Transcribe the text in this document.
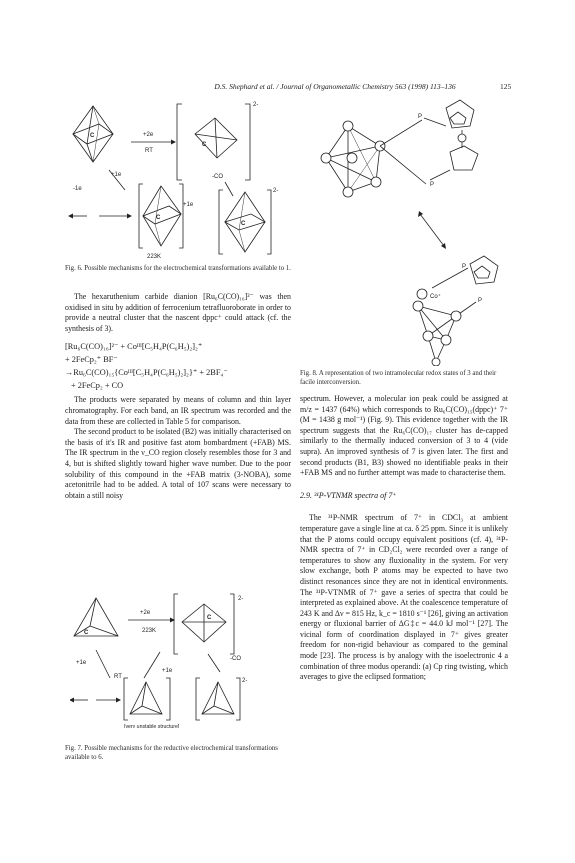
D.S. Shephard et al. / Journal of Organometallic Chemistry 563 (1998) 113–136	125
C	+2e
RT
C
2-
+1e
-1e
-CO
+1e
C
223K
C
2-
Fig. 6. Possible mechanisms for the electrochemical transformations available to 1.

The hexaruthenium carbide dianion [Ru₆C(CO)₁₆]²⁻ was then oxidised in situ by addition of ferrocenium tetrafluoroborate in order to provide a neutral cluster that the nascent dppc⁺ could attack (cf. the synthesis of 3).

[Ru₆C(CO)₁₆]²⁻ + Coᴵᴵᴵ[C₅H₄P(C₆H₅)₂]₂⁺

+ 2FeCp₂⁺ BF⁻

→Ru₆C(CO)₁₅{Coᴵᴵᴵ[C₅H₄P(C₆H₅)₂]₂}⁺ + 2BF₄⁻

+ 2FeCp₂ + CO

The products were separated by means of column and thin layer chromatography. For each band, an IR spectrum was recorded and the data from these are collected in Table 5 for comparison.

The second product to be isolated (B2) was initially characterised on the basis of it's IR and positive fast atom bombardment (+FAB) MS. The IR spectrum in the ν_CO region closely resembles those for 3 and 4, but is shifted slightly toward higher wave number. Due to the poor solubility of this compound in the +FAB matrix (3-NOBA), some acetonitrile had to be added. A total of 107 scans were necessary to obtain a still noisy

C
+2e
223K
C
2-
+1e
RT
+1e
-CO
[very unstable structure]
2-
Fig. 7. Possible mechanisms for the reductive electrochemical transformations available to 6.
P
P
P
Co⁺
P
Fig. 8. A representation of two intramolecular redox states of 3 and their facile interconversion.

spectrum. However, a molecular ion peak could be assigned at m/z = 1437 (64%) which corresponds to Ru₆C(CO)₁₅(dppc)⁺ 7⁺ (M = 1438 g mol⁻¹) (Fig. 9). This evidence together with the IR spectrum suggests that the Ru₆C(CO)₁₇ cluster has de-capped similarly to the thermally induced conversion of 3 to 4 (vide supra). An improved synthesis of 7 is given later. The first and second products (B1, B3) showed no identifiable peaks in their +FAB MS and no further attempt was made to characterise them.

2.9. ³¹P-VTNMR spectra of 7⁺

The ³¹P-NMR spectrum of 7⁺ in CDCl₃ at ambient temperature gave a single line at ca. δ 25 ppm. Since it is unlikely that the P atoms could occupy equivalent positions (cf. 4), ³¹P-NMR spectra of 7⁺ in CD₂Cl₂ were recorded over a range of temperatures to show any fluxionality in the system. For very slow exchange, both P atoms may be expected to have two distinct resonances since they are not in identical environments. The ³¹P-VTNMR of 7⁺ gave a series of spectra that could be interpreted as explained above. At the coalescence temperature of 243 K and Δν = 815 Hz, k_c = 1810 s⁻¹ [26], giving an activation energy or fluxional barrier of ΔG‡c = 44.0 kJ mol⁻¹ [27]. The vicinal form of coordination displayed in 7⁺ gives greater freedom for non-rigid behaviour as compared to the geminal mode [23]. The process is by analogy with the isoelectronic 4 a combination of three modus operandi: (a) Cp ring twisting, which averages to give the eclipsed formation;
